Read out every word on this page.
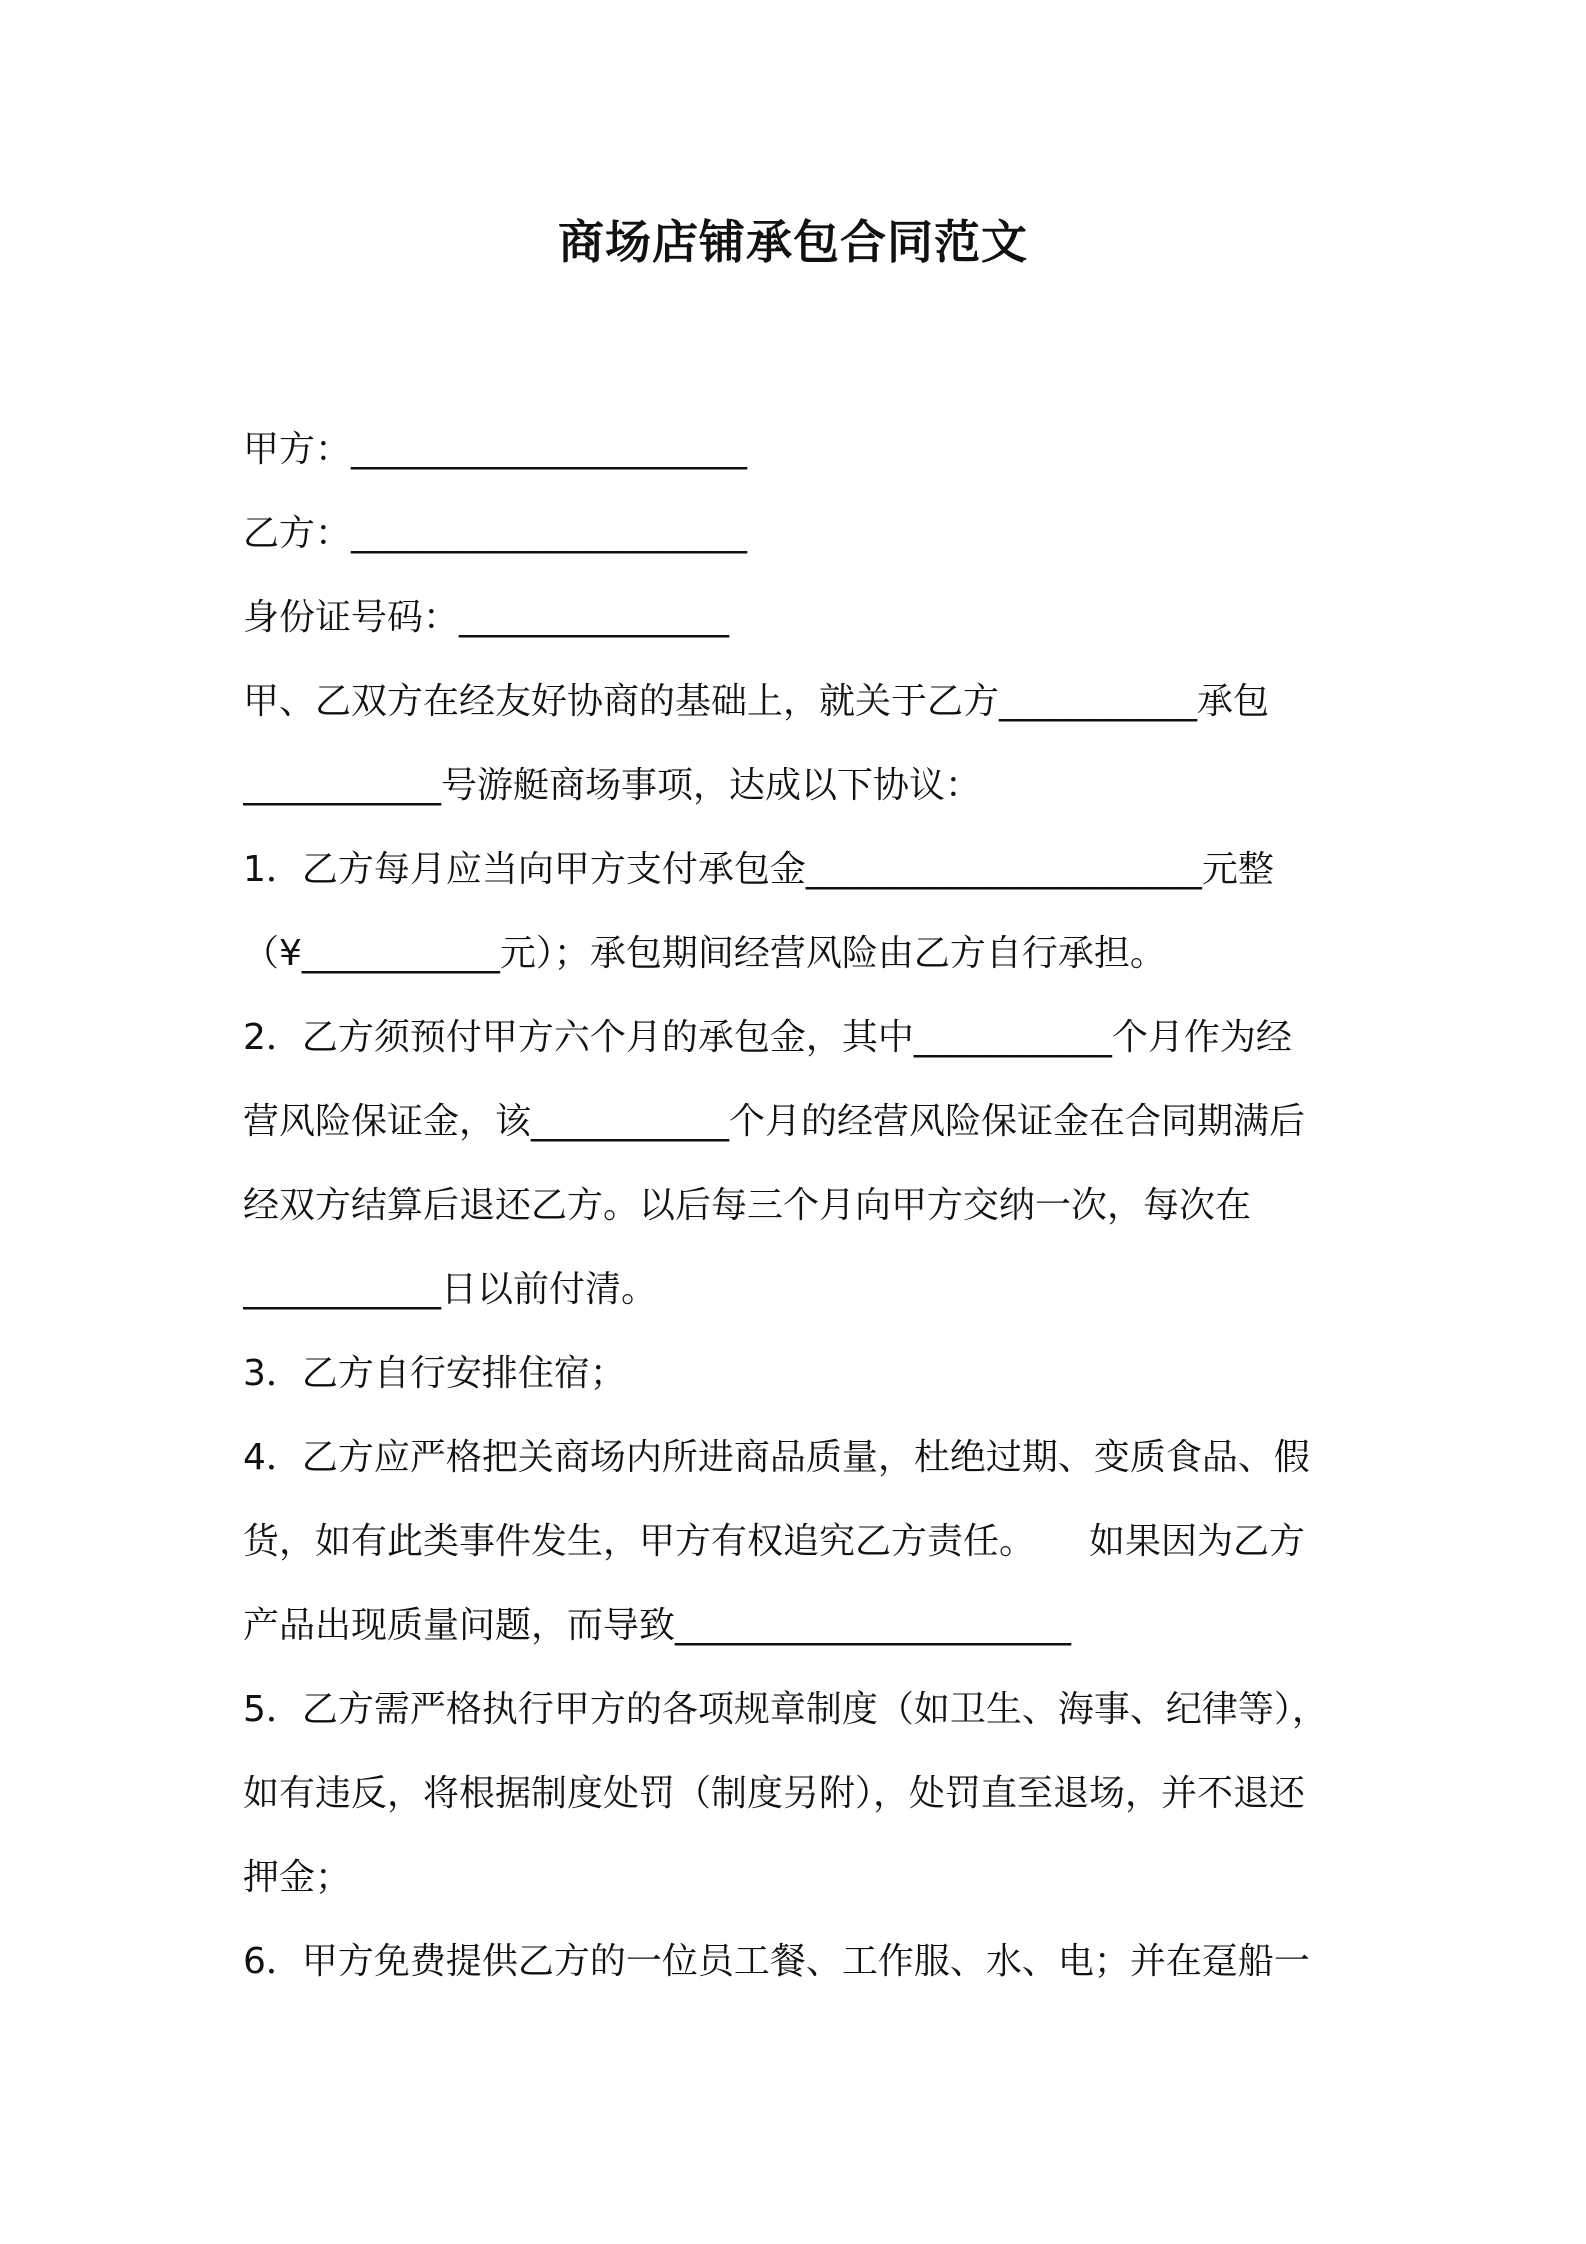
商场店铺承包合同范文
甲方：______________________
乙方：______________________
身份证号码：_______________
甲、乙双方在经友好协商的基础上，就关于乙方___________承包
___________号游艇商场事项，达成以下协议：
1．乙方每月应当向甲方支付承包金______________________元整
（¥___________元）；承包期间经营风险由乙方自行承担。
2．乙方须预付甲方六个月的承包金，其中___________个月作为经
营风险保证金，该___________个月的经营风险保证金在合同期满后
经双方结算后退还乙方。以后每三个月向甲方交纳一次，每次在
___________日以前付清。
3．乙方自行安排住宿；
4．乙方应严格把关商场内所进商品质量，杜绝过期、变质食品、假
货，如有此类事件发生，甲方有权追究乙方责任。　　如果因为乙方
产品出现质量问题，而导致______________________
5．乙方需严格执行甲方的各项规章制度（如卫生、海事、纪律等），
如有违反，将根据制度处罚（制度另附），处罚直至退场，并不退还
押金；
6．甲方免费提供乙方的一位员工餐、工作服、水、电；并在趸船一
